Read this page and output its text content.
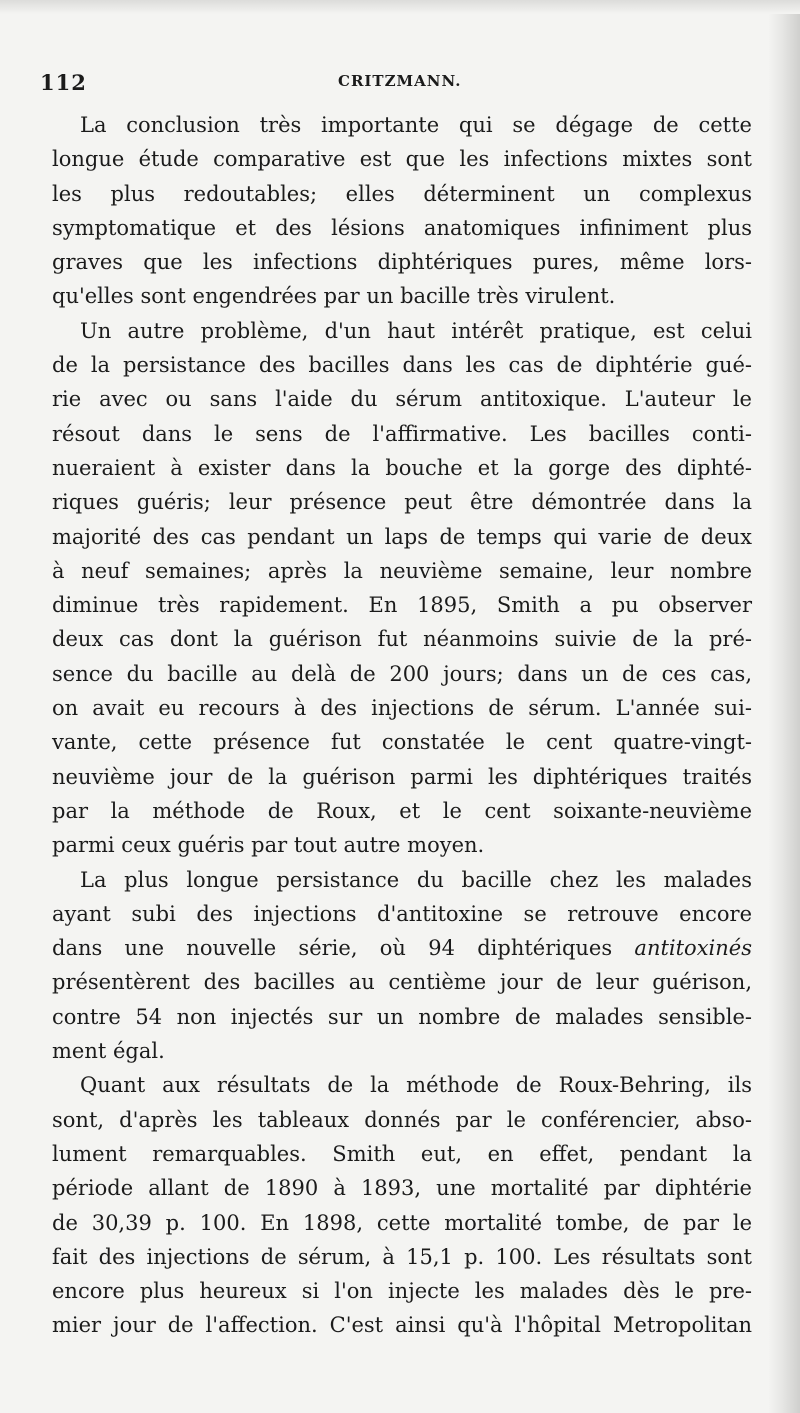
112	CRITZMANN.
La conclusion très importante qui se dégage de cette
longue étude comparative est que les infections mixtes sont
les plus redoutables; elles déterminent un complexus
symptomatique et des lésions anatomiques infiniment plus
graves que les infections diphtériques pures, même lors-
qu'elles sont engendrées par un bacille très virulent.
Un autre problème, d'un haut intérêt pratique, est celui
de la persistance des bacilles dans les cas de diphtérie gué-
rie avec ou sans l'aide du sérum antitoxique. L'auteur le
résout dans le sens de l'affirmative. Les bacilles conti-
nueraient à exister dans la bouche et la gorge des diphté-
riques guéris; leur présence peut être démontrée dans la
majorité des cas pendant un laps de temps qui varie de deux
à neuf semaines; après la neuvième semaine, leur nombre
diminue très rapidement. En 1895, Smith a pu observer
deux cas dont la guérison fut néanmoins suivie de la pré-
sence du bacille au delà de 200 jours; dans un de ces cas,
on avait eu recours à des injections de sérum. L'année sui-
vante, cette présence fut constatée le cent quatre-vingt-
neuvième jour de la guérison parmi les diphtériques traités
par la méthode de Roux, et le cent soixante-neuvième
parmi ceux guéris par tout autre moyen.
La plus longue persistance du bacille chez les malades
ayant subi des injections d'antitoxine se retrouve encore
dans une nouvelle série, où 94 diphtériques antitoxinés
présentèrent des bacilles au centième jour de leur guérison,
contre 54 non injectés sur un nombre de malades sensible-
ment égal.
Quant aux résultats de la méthode de Roux-Behring, ils
sont, d'après les tableaux donnés par le conférencier, abso-
lument remarquables. Smith eut, en effet, pendant la
période allant de 1890 à 1893, une mortalité par diphtérie
de 30,39 p. 100. En 1898, cette mortalité tombe, de par le
fait des injections de sérum, à 15,1 p. 100. Les résultats sont
encore plus heureux si l'on injecte les malades dès le pre-
mier jour de l'affection. C'est ainsi qu'à l'hôpital Metropolitan
